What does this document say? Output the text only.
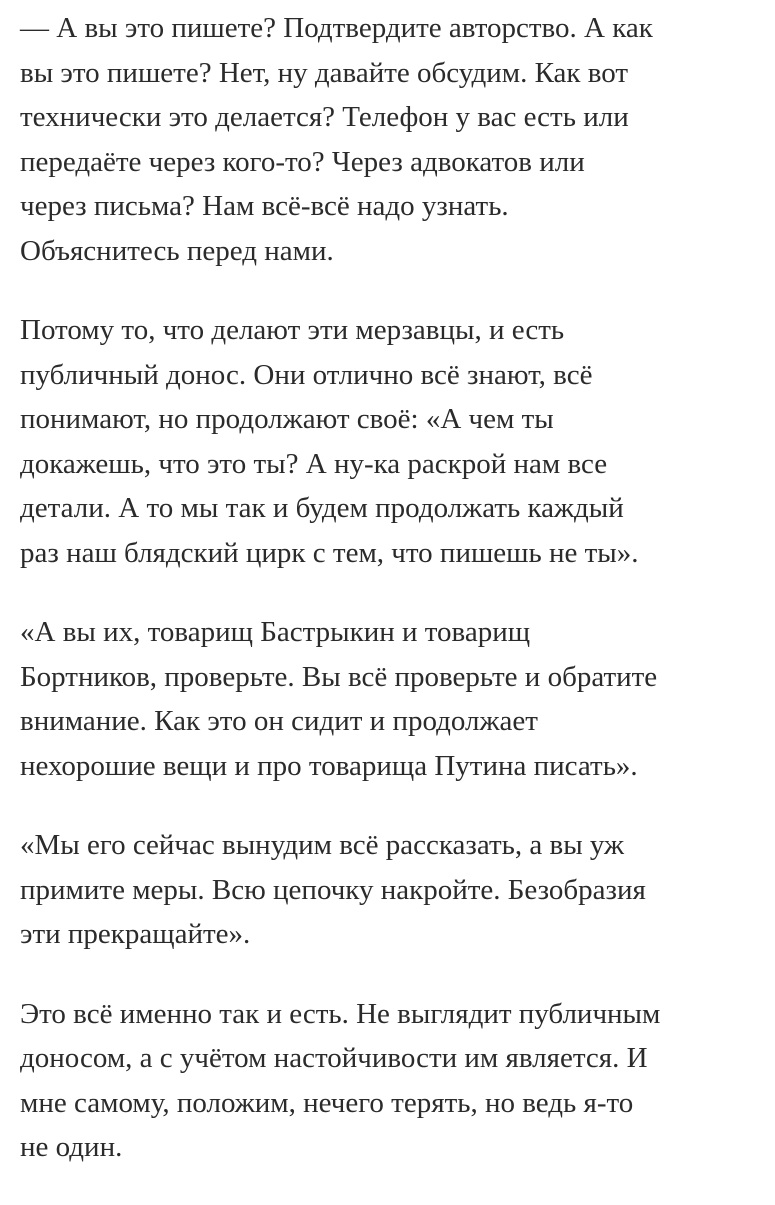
— А вы это пишете? Подтвердите авторство. А как
вы это пишете? Нет, ну давайте обсудим. Как вот
технически это делается? Телефон у вас есть или
передаёте через кого-то? Через адвокатов или
через письма? Нам всё-всё надо узнать.
Объяснитесь перед нами.

Потому то, что делают эти мерзавцы, и есть
публичный донос. Они отлично всё знают, всё
понимают, но продолжают своё: «А чем ты
докажешь, что это ты? А ну-ка раскрой нам все
детали. А то мы так и будем продолжать каждый
раз наш блядский цирк с тем, что пишешь не ты».

«А вы их, товарищ Бастрыкин и товарищ
Бортников, проверьте. Вы всё проверьте и обратите
внимание. Как это он сидит и продолжает
нехорошие вещи и про товарища Путина писать».

«Мы его сейчас вынудим всё рассказать, а вы уж
примите меры. Всю цепочку накройте. Безобразия
эти прекращайте».

Это всё именно так и есть. Не выглядит публичным
доносом, а с учётом настойчивости им является. И
мне самому, положим, нечего терять, но ведь я-то
не один.
